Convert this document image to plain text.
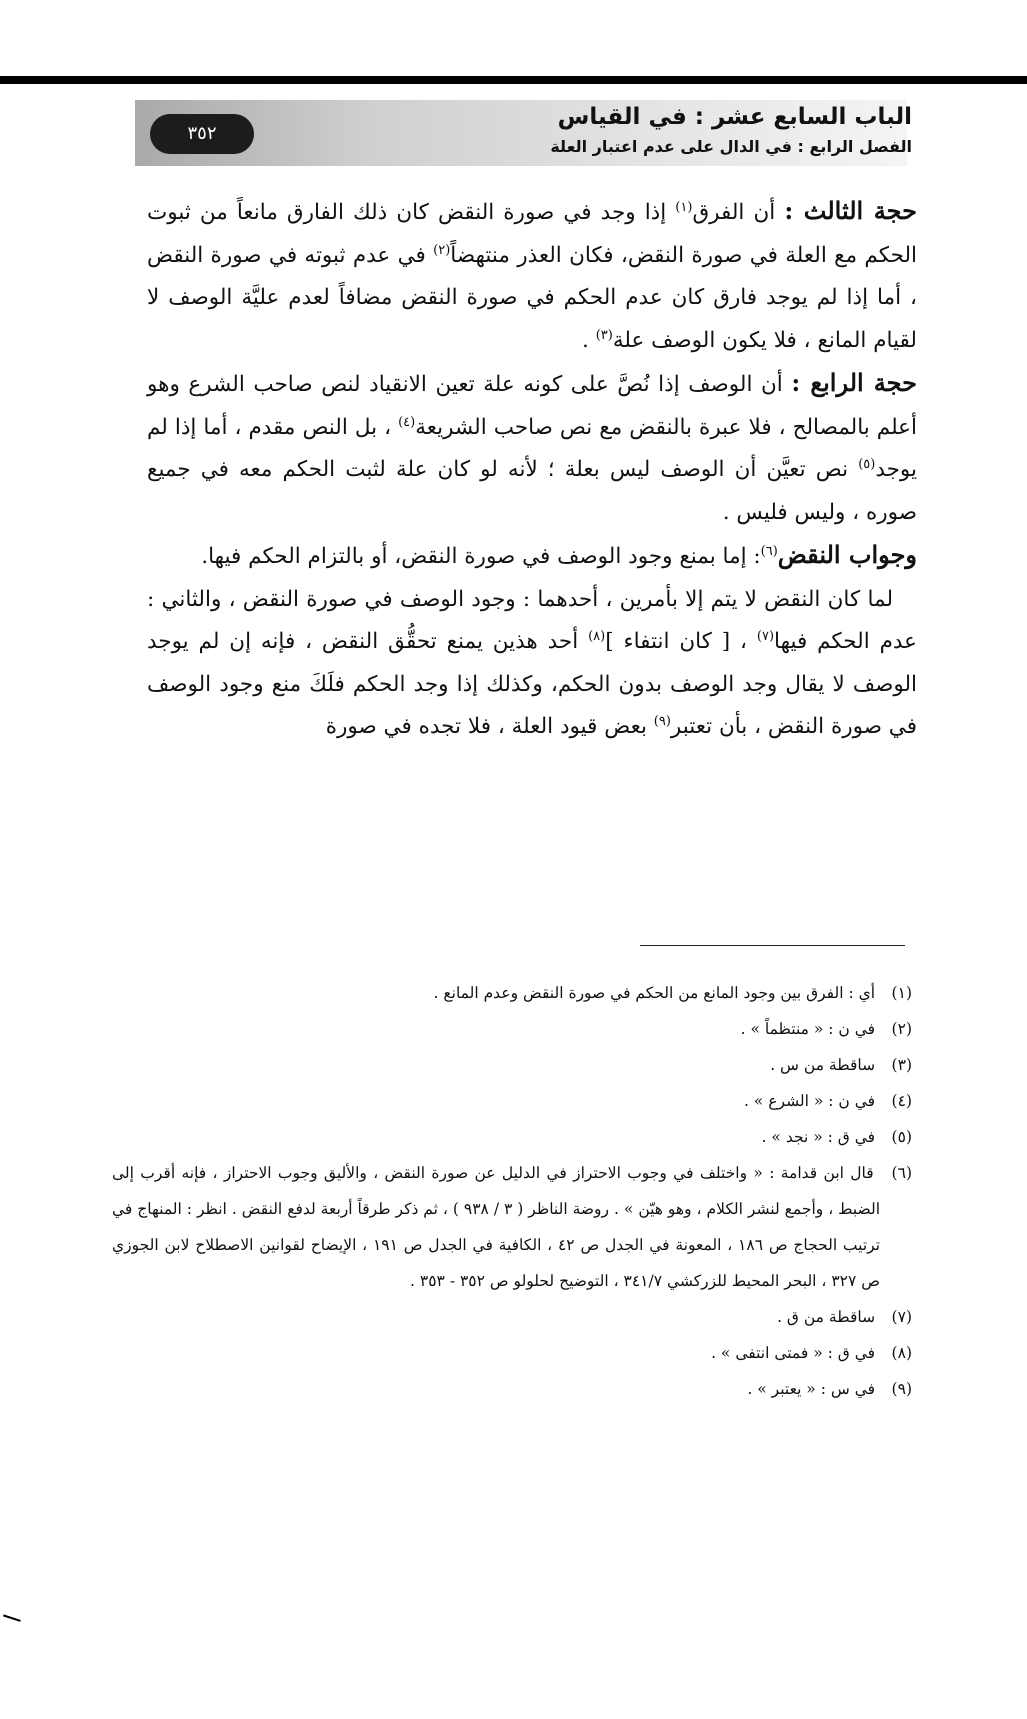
٣٥٢
الباب السابع عشر : في القياس
الفصل الرابع : في الدال على عدم اعتبار العلة

حجة الثالث : أن الفرق$^{(١)}$ إذا وجد في صورة النقض كان ذلك الفارق مانعاً من ثبوت الحكم مع العلة في صورة النقض، فكان العذر منتهضاً$^{(٢)}$ في عدم ثبوته في صورة النقض ، أما إذا لم يوجد فارق كان عدم الحكم في صورة النقض مضافاً لعدم عليَّة الوصف لا لقيام المانع ، فلا يكون الوصف علة$^{(٣)}$ .

حجة الرابع : أن الوصف إذا نُصَّ على كونه علة تعين الانقياد لنص صاحب الشرع وهو أعلم بالمصالح ، فلا عبرة بالنقض مع نص صاحب الشريعة$^{(٤)}$ ، بل النص مقدم ، أما إذا لم يوجد$^{(٥)}$ نص تعيَّن أن الوصف ليس بعلة ؛ لأنه لو كان علة لثبت الحكم معه في جميع صوره ، وليس فليس .

وجواب النقض$^{(٦)}$: إما بمنع وجود الوصف في صورة النقض، أو بالتزام الحكم فيها.

لما كان النقض لا يتم إلا بأمرين ، أحدهما : وجود الوصف في صورة النقض ، والثاني : عدم الحكم فيها$^{(٧)}$ ، [ كان انتفاء ]$^{(٨)}$ أحد هذين يمنع تحقُّق النقض ، فإنه إن لم يوجد الوصف لا يقال وجد الوصف بدون الحكم، وكذلك إذا وجد الحكم فلَكَ منع وجود الوصف في صورة النقض ، بأن تعتبر$^{(٩)}$ بعض قيود العلة ، فلا تجده في صورة

(١) أي : الفرق بين وجود المانع من الحكم في صورة النقض وعدم المانع .

(٢) في ن : « منتظماً » .

(٣) ساقطة من س .

(٤) في ن : « الشرع » .

(٥) في ق : « نجد » .

(٦) قال ابن قدامة : « واختلف في وجوب الاحتراز في الدليل عن صورة النقض ، والأليق وجوب الاحتراز ، فإنه أقرب إلى الضبط ، وأجمع لنشر الكلام ، وهو هيّن » . روضة الناظر ( ٣ / ٩٣٨ ) ، ثم ذكر طرقاً أربعة لدفع النقض . انظر : المنهاج في ترتيب الحجاج ص ١٨٦ ، المعونة في الجدل ص ٤٢ ، الكافية في الجدل ص ١٩١ ، الإيضاح لقوانين الاصطلاح لابن الجوزي ص ٣٢٧ ، البحر المحيط للزركشي ٣٤١/٧ ، التوضيح لحلولو ص ٣٥٢ - ٣٥٣ .

(٧) ساقطة من ق .

(٨) في ق : « فمتى انتفى » .

(٩) في س : « يعتبر » .
